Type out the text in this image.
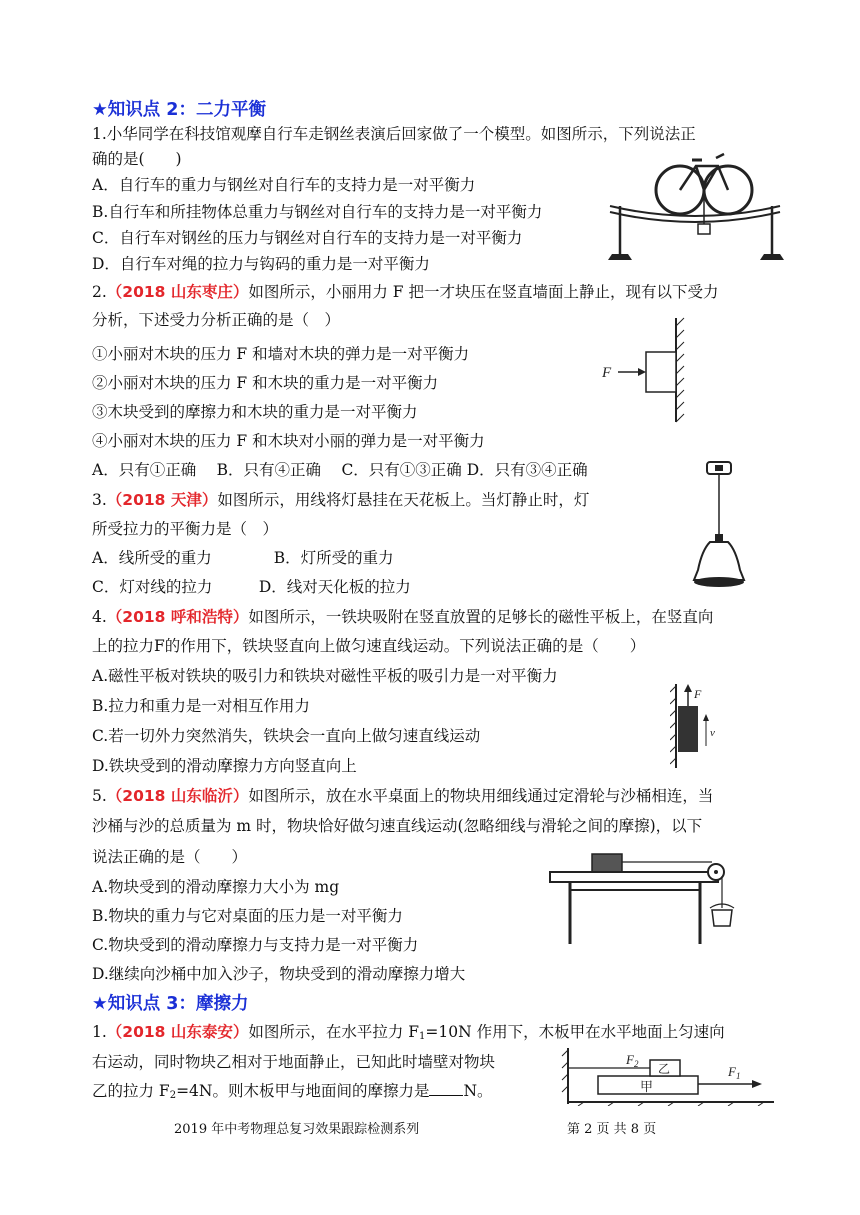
★知识点 2：二力平衡
1.小华同学在科技馆观摩自行车走钢丝表演后回家做了一个模型。如图所示，下列说法正
确的是(　　)
A．自行车的重力与钢丝对自行车的支持力是一对平衡力
B.自行车和所挂物体总重力与钢丝对自行车的支持力是一对平衡力
C．自行车对钢丝的压力与钢丝对自行车的支持力是一对平衡力
D．自行车对绳的拉力与钩码的重力是一对平衡力
2.（2018 山东枣庄）如图所示，小丽用力 F 把一才块压在竖直墙面上静止，现有以下受力
分析，下述受力分析正确的是（　）
①小丽对木块的压力 F 和墙对木块的弹力是一对平衡力
②小丽对木块的压力 F 和木块的重力是一对平衡力
③木块受到的摩擦力和木块的重力是一对平衡力
④小丽对木块的压力 F 和木块对小丽的弹力是一对平衡力
A．只有①正确　 B．只有④正确　 C．只有①③正确 D．只有③④正确
F
3.（2018 天津）如图所示，用线将灯悬挂在天花板上。当灯静止时，灯
所受拉力的平衡力是（　）
A．线所受的重力　　　　B．灯所受的重力
C．灯对线的拉力　　　D．线对天化板的拉力
4.（2018 呼和浩特）如图所示，一铁块吸附在竖直放置的足够长的磁性平板上，在竖直向
上的拉力F的作用下，铁块竖直向上做匀速直线运动。下列说法正确的是（　　）
A.磁性平板对铁块的吸引力和铁块对磁性平板的吸引力是一对平衡力
B.拉力和重力是一对相互作用力
C.若一切外力突然消失，铁块会一直向上做匀速直线运动
D.铁块受到的滑动摩擦力方向竖直向上
F
v
5.（2018 山东临沂）如图所示，放在水平桌面上的物块用细线通过定滑轮与沙桶相连，当
沙桶与沙的总质量为 m 时，物块恰好做匀速直线运动(忽略细线与滑轮之间的摩擦)，以下
说法正确的是（　　）
A.物块受到的滑动摩擦力大小为 mg
B.物块的重力与它对桌面的压力是一对平衡力
C.物块受到的滑动摩擦力与支持力是一对平衡力
D.继续向沙桶中加入沙子，物块受到的滑动摩擦力增大
★知识点 3：摩擦力
1.（2018 山东泰安）如图所示，在水平拉力 $F_1=10N$ 作用下，木板甲在水平地面上匀速向
右运动，同时物块乙相对于地面静止，已知此时墙壁对物块
乙的拉力 $F_2=4N$。则木板甲与地面间的摩擦力是 N。
$F_2$	$F_1$
甲
乙
2019 年中考物理总复习效果跟踪检测系列	第 2 页 共 8 页
